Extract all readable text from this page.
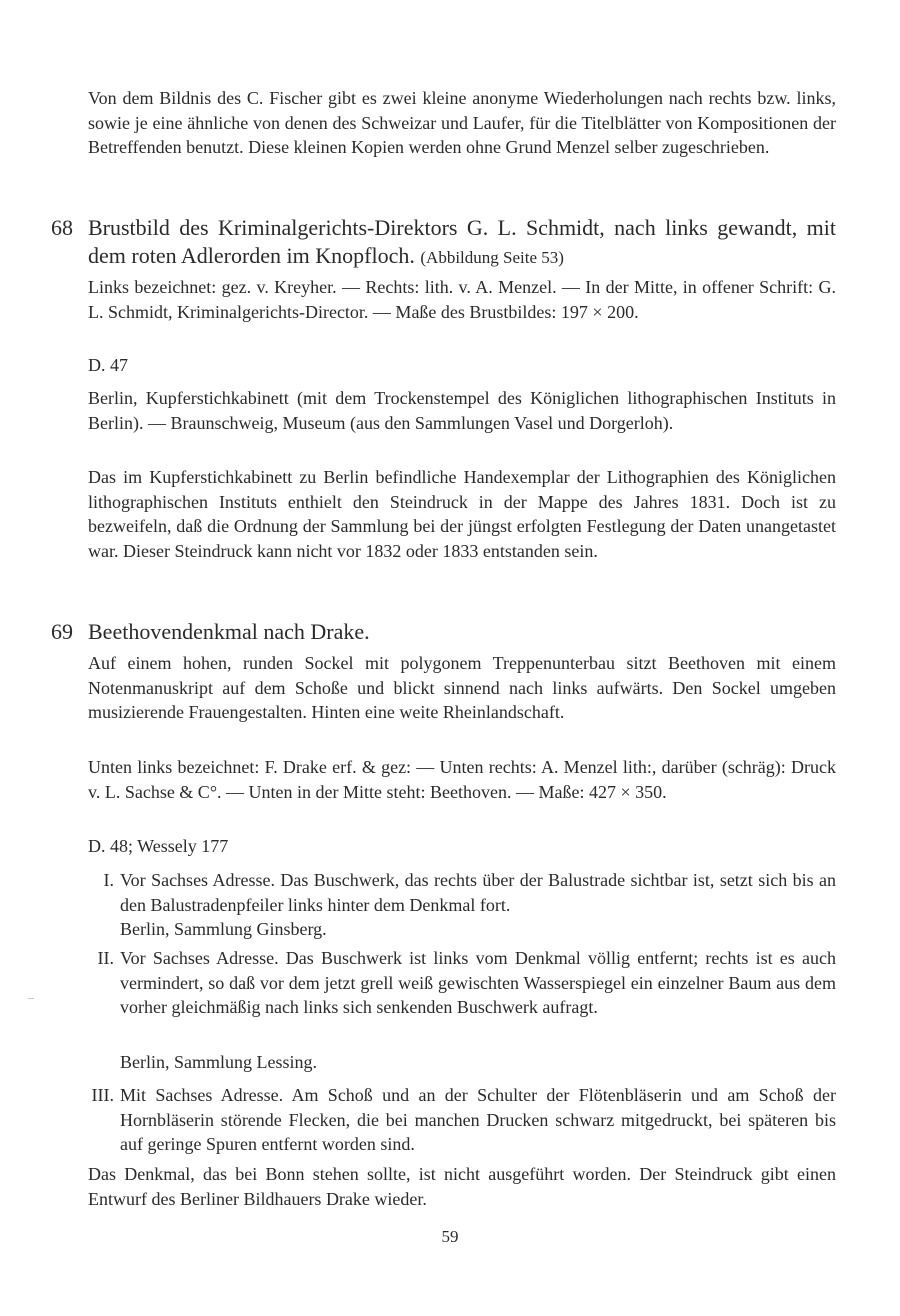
Von dem Bildnis des C. Fischer gibt es zwei kleine anonyme Wiederholungen nach rechts bzw. links, sowie je eine ähnliche von denen des Schweizar und Laufer, für die Titelblätter von Kompositionen der Betreffenden benutzt. Diese kleinen Kopien werden ohne Grund Menzel selber zugeschrieben.

68 Brustbild des Kriminalgerichts-Direktors G. L. Schmidt, nach links gewandt, mit dem roten Adlerorden im Knopfloch. (Abbildung Seite 53)

Links bezeichnet: gez. v. Kreyher. — Rechts: lith. v. A. Menzel. — In der Mitte, in offener Schrift: G. L. Schmidt, Kriminalgerichts-Director. — Maße des Brustbildes: 197 × 200.

D. 47

Berlin, Kupferstichkabinett (mit dem Trockenstempel des Königlichen lithographischen Instituts in Berlin). — Braunschweig, Museum (aus den Sammlungen Vasel und Dorgerloh).

Das im Kupferstichkabinett zu Berlin befindliche Handexemplar der Lithographien des Königlichen lithographischen Instituts enthielt den Steindruck in der Mappe des Jahres 1831. Doch ist zu bezweifeln, daß die Ordnung der Sammlung bei der jüngst erfolgten Festlegung der Daten unangetastet war. Dieser Steindruck kann nicht vor 1832 oder 1833 entstanden sein.

69 Beethovendenkmal nach Drake.

Auf einem hohen, runden Sockel mit polygonem Treppenunterbau sitzt Beethoven mit einem Notenmanuskript auf dem Schoße und blickt sinnend nach links aufwärts. Den Sockel umgeben musizierende Frauengestalten. Hinten eine weite Rheinlandschaft.

Unten links bezeichnet: F. Drake erf. & gez: — Unten rechts: A. Menzel lith:, darüber (schräg): Druck v. L. Sachse & C°. — Unten in der Mitte steht: Beethoven. — Maße: 427 × 350.

D. 48; Wessely 177

I. Vor Sachses Adresse. Das Buschwerk, das rechts über der Balustrade sichtbar ist, setzt sich bis an den Balustradenpfeiler links hinter dem Denkmal fort.

Berlin, Sammlung Ginsberg.

II. Vor Sachses Adresse. Das Buschwerk ist links vom Denkmal völlig entfernt; rechts ist es auch vermindert, so daß vor dem jetzt grell weiß gewischten Wasserspiegel ein einzelner Baum aus dem vorher gleichmäßig nach links sich senkenden Buschwerk aufragt.

Berlin, Sammlung Lessing.

III. Mit Sachses Adresse. Am Schoß und an der Schulter der Flötenbläserin und am Schoß der Hornbläserin störende Flecken, die bei manchen Drucken schwarz mitgedruckt, bei späteren bis auf geringe Spuren entfernt worden sind.

Das Denkmal, das bei Bonn stehen sollte, ist nicht ausgeführt worden. Der Steindruck gibt einen Entwurf des Berliner Bildhauers Drake wieder.

59
